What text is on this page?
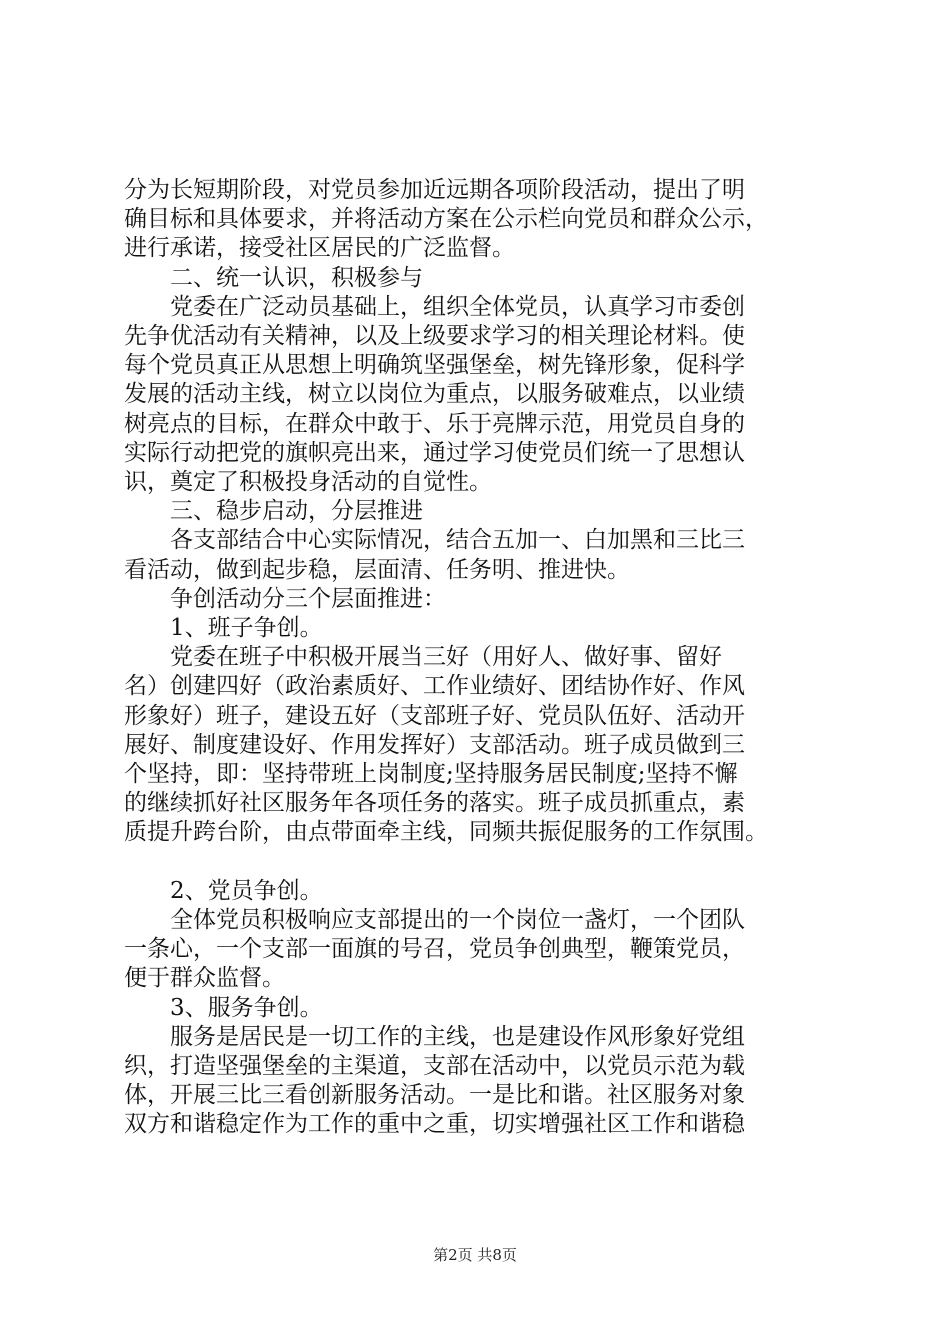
分为长短期阶段，对党员参加近远期各项阶段活动，提出了明

确目标和具体要求，并将活动方案在公示栏向党员和群众公示，

进行承诺，接受社区居民的广泛监督。

二、统一认识，积极参与

党委在广泛动员基础上，组织全体党员，认真学习市委创

先争优活动有关精神，以及上级要求学习的相关理论材料。使

每个党员真正从思想上明确筑坚强堡垒，树先锋形象，促科学

发展的活动主线，树立以岗位为重点，以服务破难点，以业绩

树亮点的目标，在群众中敢于、乐于亮牌示范，用党员自身的

实际行动把党的旗帜亮出来，通过学习使党员们统一了思想认

识，奠定了积极投身活动的自觉性。

三、稳步启动，分层推进

各支部结合中心实际情况，结合五加一、白加黑和三比三

看活动，做到起步稳，层面清、任务明、推进快。

争创活动分三个层面推进：

1、班子争创。

党委在班子中积极开展当三好（用好人、做好事、留好

名）创建四好（政治素质好、工作业绩好、团结协作好、作风

形象好）班子，建设五好（支部班子好、党员队伍好、活动开

展好、制度建设好、作用发挥好）支部活动。班子成员做到三

个坚持，即：坚持带班上岗制度;坚持服务居民制度;坚持不懈

的继续抓好社区服务年各项任务的落实。班子成员抓重点，素

质提升跨台阶，由点带面牵主线，同频共振促服务的工作氛围。

2、党员争创。

全体党员积极响应支部提出的一个岗位一盏灯，一个团队

一条心，一个支部一面旗的号召，党员争创典型，鞭策党员，

便于群众监督。

3、服务争创。

服务是居民是一切工作的主线，也是建设作风形象好党组

织，打造坚强堡垒的主渠道，支部在活动中，以党员示范为载

体，开展三比三看创新服务活动。一是比和谐。社区服务对象

双方和谐稳定作为工作的重中之重，切实增强社区工作和谐稳

第2页 共8页
